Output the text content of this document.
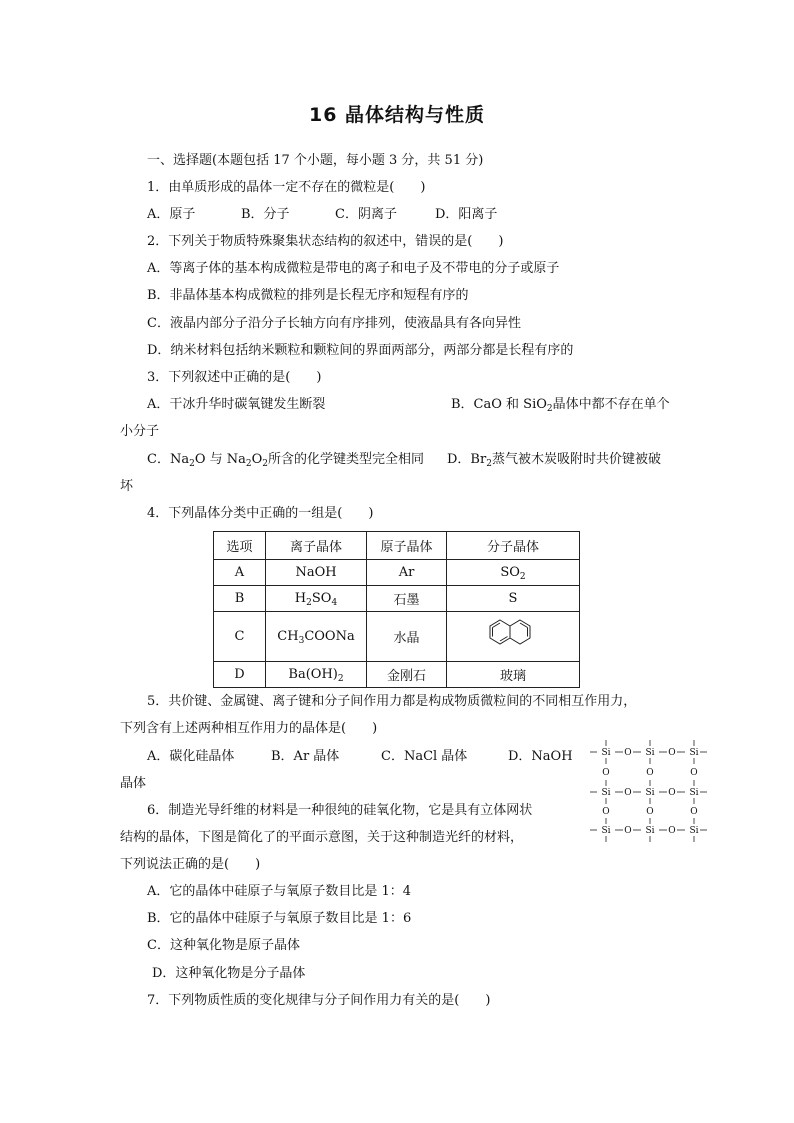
16 晶体结构与性质
一、选择题(本题包括 17 个小题，每小题 3 分，共 51 分)
1．由单质形成的晶体一定不存在的微粒是(　　)
A．原子	B．分子	C．阴离子	D．阳离子
2．下列关于物质特殊聚集状态结构的叙述中，错误的是(　　)
A．等离子体的基本构成微粒是带电的离子和电子及不带电的分子或原子
B．非晶体基本构成微粒的排列是长程无序和短程有序的
C．液晶内部分子沿分子长轴方向有序排列，使液晶具有各向异性
D．纳米材料包括纳米颗粒和颗粒间的界面两部分，两部分都是长程有序的
3．下列叙述中正确的是(　　)
A．干冰升华时碳氧键发生断裂	B．CaO 和 SiO$_2$晶体中都不存在单个
小分子
C．$Na_2O$ 与 $Na_2O_2$所含的化学键类型完全相同 D．$Br_2$蒸气被木炭吸附时共价键被破
坏
4．下列晶体分类中正确的一组是(　　)
选项	离子晶体	原子晶体	分子晶体
A	NaOH	Ar	$SO_2$
B	$H_2SO_4$	石墨	S
C	$CH_3COONa$	水晶	
D	$Ba(OH)_2$	金刚石	玻璃
5．共价键、金属键、离子键和分子间作用力都是构成物质微粒间的不同相互作用力，
下列含有上述两种相互作用力的晶体是(　　)
A．碳化硅晶体	B．Ar 晶体	C．NaCl 晶体	D．NaOH
晶体
6．制造光导纤维的材料是一种很纯的硅氧化物，它是具有立体网状
结构的晶体，下图是简化了的平面示意图，关于这种制造光纤的材料，
下列说法正确的是(　　)
A．它的晶体中硅原子与氧原子数目比是 1：4
B．它的晶体中硅原子与氧原子数目比是 1：6
C．这种氧化物是原子晶体
D．这种氧化物是分子晶体
Si	Si	Si
O	O
Si	Si	Si
O	O
Si	Si	Si
O	O
O
O
O
O
O
O
7．下列物质性质的变化规律与分子间作用力有关的是(　　)
